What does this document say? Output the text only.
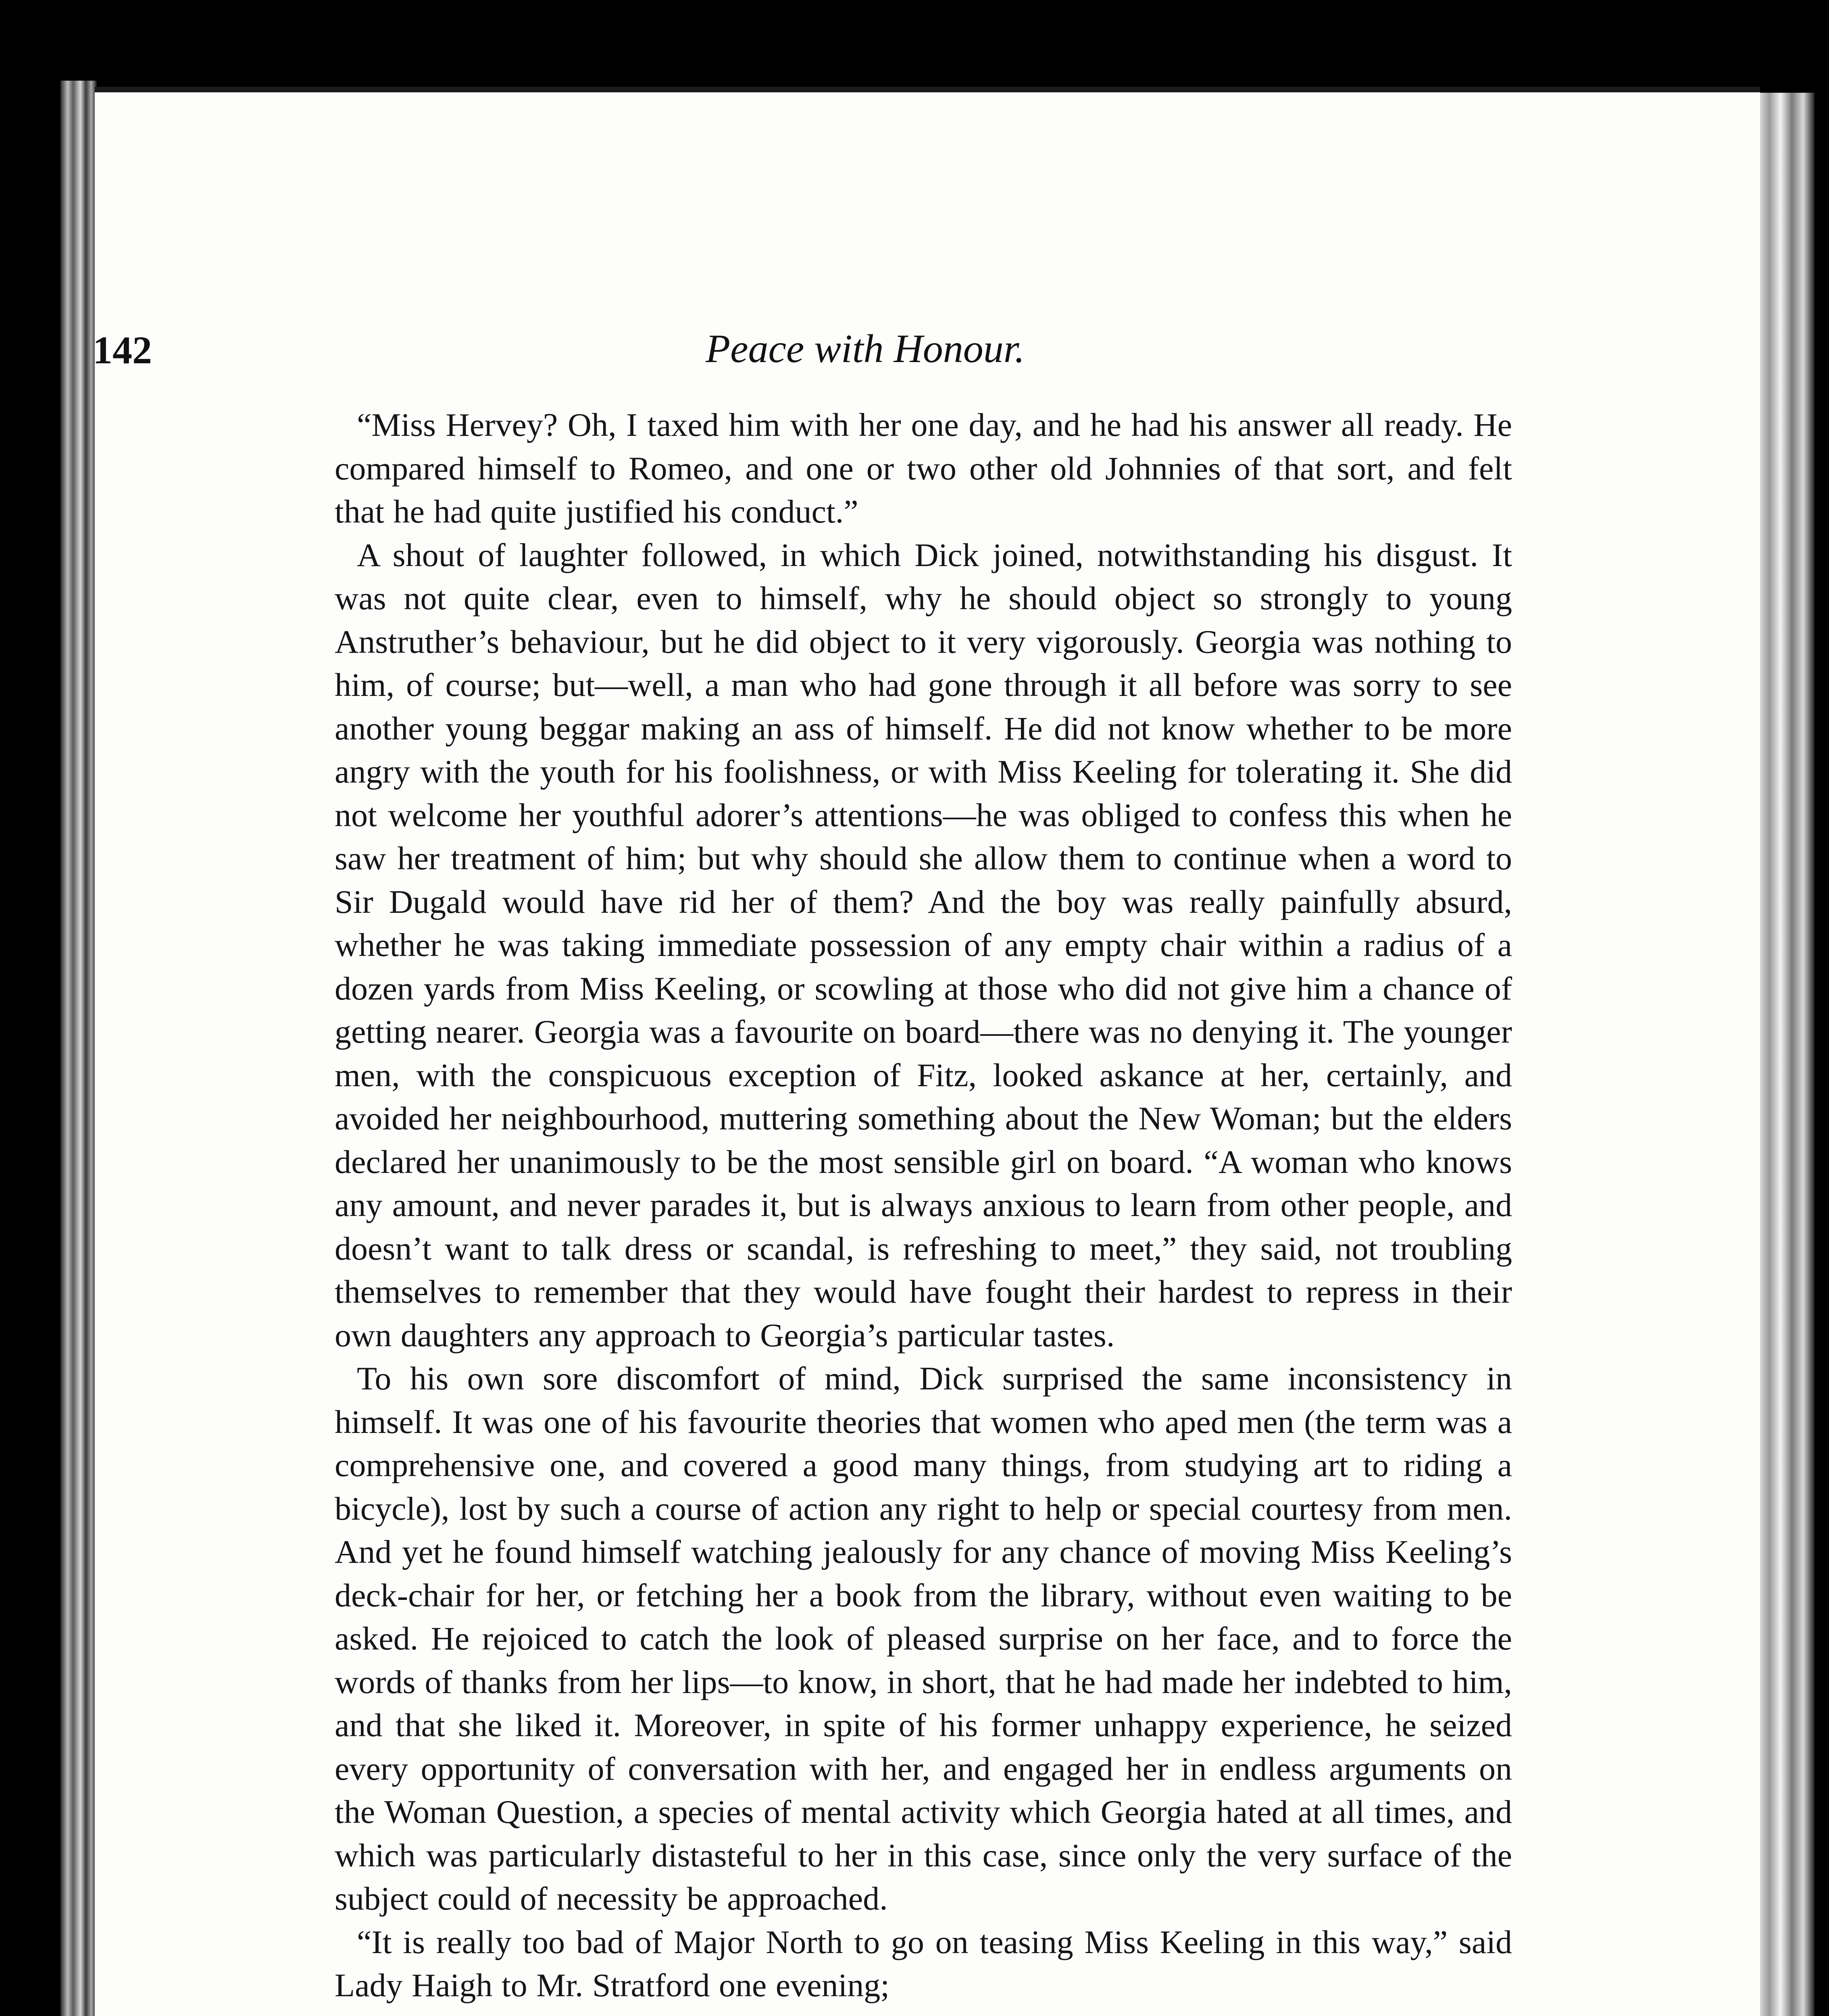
142	Peace with Honour.

“Miss Hervey? Oh, I taxed him with her one day, and he had his answer all ready. He compared himself to Romeo, and one or two other old Johnnies of that sort, and felt that he had quite justified his conduct.”

A shout of laughter followed, in which Dick joined, notwithstanding his disgust. It was not quite clear, even to himself, why he should object so strongly to young Anstruther’s behaviour, but he did object to it very vigorously. Georgia was nothing to him, of course; but—well, a man who had gone through it all before was sorry to see another young beggar making an ass of himself. He did not know whether to be more angry with the youth for his foolishness, or with Miss Keeling for tolerating it. She did not welcome her youthful adorer’s attentions—he was obliged to confess this when he saw her treatment of him; but why should she allow them to continue when a word to Sir Dugald would have rid her of them? And the boy was really painfully absurd, whether he was taking immediate possession of any empty chair within a radius of a dozen yards from Miss Keeling, or scowling at those who did not give him a chance of getting nearer. Georgia was a favourite on board—there was no denying it. The younger men, with the conspicuous exception of Fitz, looked askance at her, certainly, and avoided her neighbourhood, muttering something about the New Woman; but the elders declared her unanimously to be the most sensible girl on board. “A woman who knows any amount, and never parades it, but is always anxious to learn from other people, and doesn’t want to talk dress or scandal, is refreshing to meet,” they said, not troubling themselves to remember that they would have fought their hardest to repress in their own daughters any approach to Georgia’s particular tastes.

To his own sore discomfort of mind, Dick surprised the same inconsistency in himself. It was one of his favourite theories that women who aped men (the term was a comprehensive one, and covered a good many things, from studying art to riding a bicycle), lost by such a course of action any right to help or special courtesy from men. And yet he found himself watching jealously for any chance of moving Miss Keeling’s deck-chair for her, or fetching her a book from the library, without even waiting to be asked. He rejoiced to catch the look of pleased surprise on her face, and to force the words of thanks from her lips—to know, in short, that he had made her indebted to him, and that she liked it. Moreover, in spite of his former unhappy experience, he seized every opportunity of conversation with her, and engaged her in endless arguments on the Woman Question, a species of mental activity which Georgia hated at all times, and which was particularly distasteful to her in this case, since only the very surface of the subject could of necessity be approached.

“It is really too bad of Major North to go on teasing Miss Keeling in this way,” said Lady Haigh to Mr. Stratford one evening;
